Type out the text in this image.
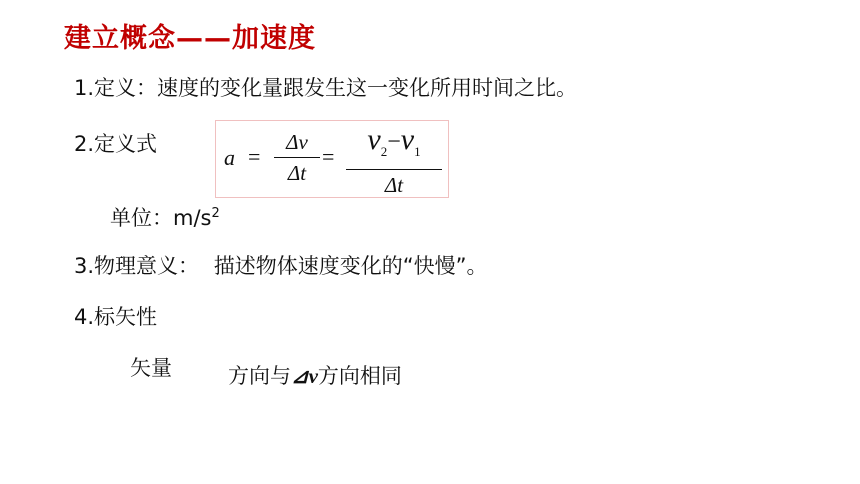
建立概念——加速度
1.定义：速度的变化量跟发生这一变化所用时间之比。
2.定义式
a =
Δv
Δt
=
$v_2-v_1$
Δt
单位：$m/s^2$
3.物理意义： 描述物体速度变化的“快慢”。
4.标矢性
矢量	方向与⊿v方向相同
